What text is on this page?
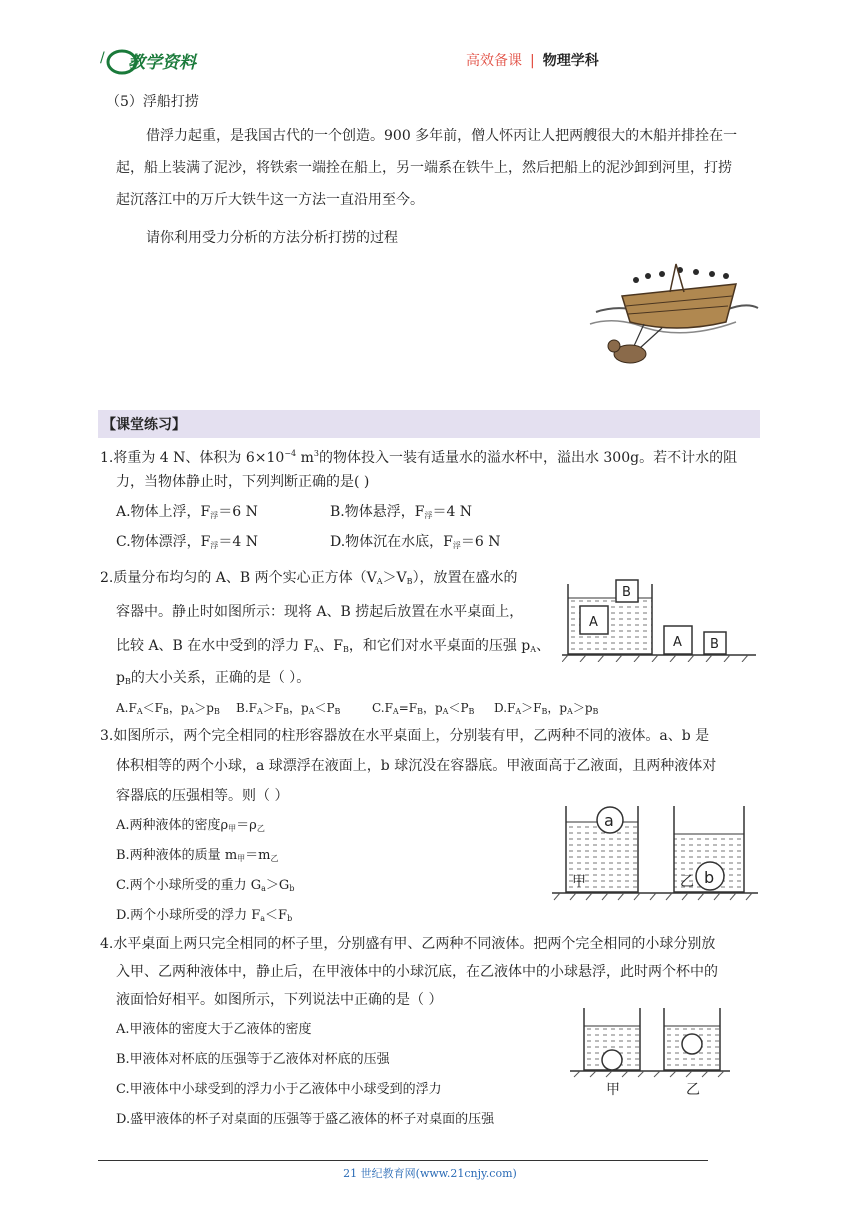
/ 教学资料	高效备课 | 物理学科
（5）浮船打捞
借浮力起重，是我国古代的一个创造。900 多年前，僧人怀丙让人把两艘很大的木船并排拴在一
起，船上装满了泥沙，将铁索一端拴在船上，另一端系在铁牛上，然后把船上的泥沙卸到河里，打捞
起沉落江中的万斤大铁牛这一方法一直沿用至今。
请你利用受力分析的方法分析打捞的过程
【课堂练习】
1.将重为 4 N、体积为 $6\times 10^{-4}$ $m^3$的物体投入一装有适量水的溢水杯中，溢出水 300g。若不计水的阻
力，当物体静止时，下列判断正确的是( )
A.物体上浮，$F_浮=6$ N	B.物体悬浮，$F_浮=4$ N
C.物体漂浮，$F_浮=4$ N	D.物体沉在水底，$F_浮=6$ N
2.质量分布均匀的 A、B 两个实心正方体$(V_A>V_B)$，放置在盛水的
容器中。静止时如图所示：现将 A、B 捞起后放置在水平桌面上，
比较 A、B 在水中受到的浮力 $F_A$、$F_B$，和它们对水平桌面的压强 $p_A$、
$p_B$的大小关系，正确的是（ ）。
$A.F_A<F_B$，$p_A>p_B$ $B.F_A>F_B$，$p_A<P_B$	$C.F_A=F_B$，$p_A<P_B$ $D.F_A>F_B$，$p_A>p_B$
A
B
A B
3.如图所示，两个完全相同的柱形容器放在水平桌面上，分别装有甲，乙两种不同的液体。a、b 是
体积相等的两个小球，a 球漂浮在液面上，b 球沉没在容器底。甲液面高于乙液面，且两种液体对
容器底的压强相等。则（ ）
A.两种液体的密度$\rho_甲=\rho_乙$
B.两种液体的质量 $m_甲=m_乙$
C.两个小球所受的重力 $G_a>G_b$
D.两个小球所受的浮力 $F_a<F_b$
a
甲	b
乙
4.水平桌面上两只完全相同的杯子里，分别盛有甲、乙两种不同液体。把两个完全相同的小球分别放
入甲、乙两种液体中，静止后，在甲液体中的小球沉底，在乙液体中的小球悬浮，此时两个杯中的
液面恰好相平。如图所示，下列说法中正确的是（ ）
A.甲液体的密度大于乙液体的密度
B.甲液体对杯底的压强等于乙液体对杯底的压强
C.甲液体中小球受到的浮力小于乙液体中小球受到的浮力
D.盛甲液体的杯子对桌面的压强等于盛乙液体的杯子对桌面的压强
甲	乙
21 世纪教育网(www.21cnjy.com)
